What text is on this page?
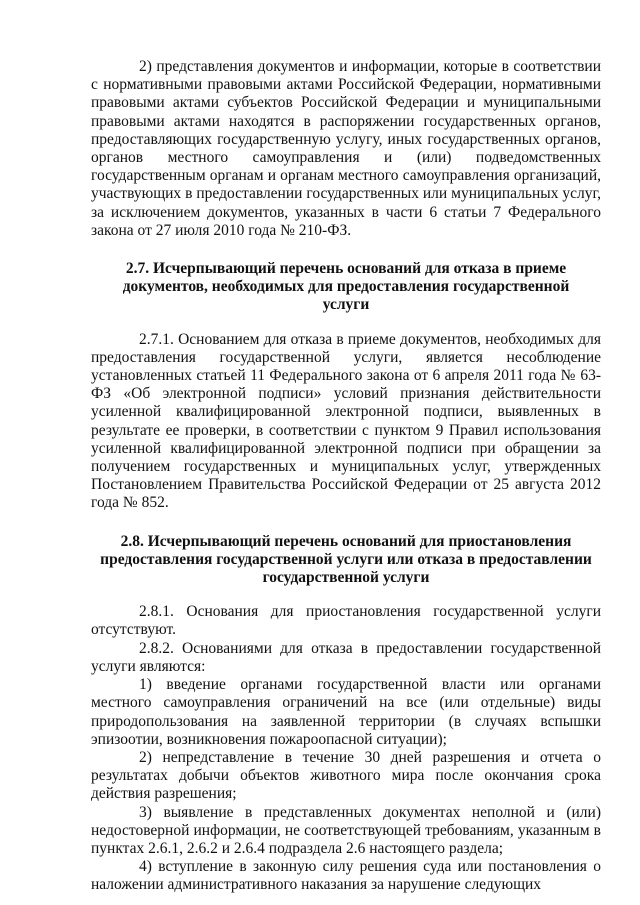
2) представления документов и информации, которые в соответствии с нормативными правовыми актами Российской Федерации, нормативными правовыми актами субъектов Российской Федерации и муниципальными правовыми актами находятся в распоряжении государственных органов, предоставляющих государственную услугу, иных государственных органов, органов местного самоуправления и (или) подведомственных государственным органам и органам местного самоуправления организаций, участвующих в предоставлении государственных или муниципальных услуг, за исключением документов, указанных в части 6 статьи 7 Федерального закона от 27 июля 2010 года № 210-ФЗ.

2.7. Исчерпывающий перечень оснований для отказа в приеме документов, необходимых для предоставления государственной услуги

2.7.1. Основанием для отказа в приеме документов, необходимых для предоставления государственной услуги, является несоблюдение установленных статьей 11 Федерального закона от 6 апреля 2011 года № 63-ФЗ «Об электронной подписи» условий признания действительности усиленной квалифицированной электронной подписи, выявленных в результате ее проверки, в соответствии с пунктом 9 Правил использования усиленной квалифицированной электронной подписи при обращении за получением государственных и муниципальных услуг, утвержденных Постановлением Правительства Российской Федерации от 25 августа 2012 года № 852.

2.8. Исчерпывающий перечень оснований для приостановления предоставления государственной услуги или отказа в предоставлении государственной услуги

2.8.1. Основания для приостановления государственной услуги отсутствуют.

2.8.2. Основаниями для отказа в предоставлении государственной услуги являются:

1) введение органами государственной власти или органами местного самоуправления ограничений на все (или отдельные) виды природопользования на заявленной территории (в случаях вспышки эпизоотии, возникновения пожароопасной ситуации);

2) непредставление в течение 30 дней разрешения и отчета о результатах добычи объектов животного мира после окончания срока действия разрешения;

3) выявление в представленных документах неполной и (или) недостоверной информации, не соответствующей требованиям, указанным в пунктах 2.6.1, 2.6.2 и 2.6.4 подраздела 2.6 настоящего раздела;

4) вступление в законную силу решения суда или постановления о наложении административного наказания за нарушение следующих
